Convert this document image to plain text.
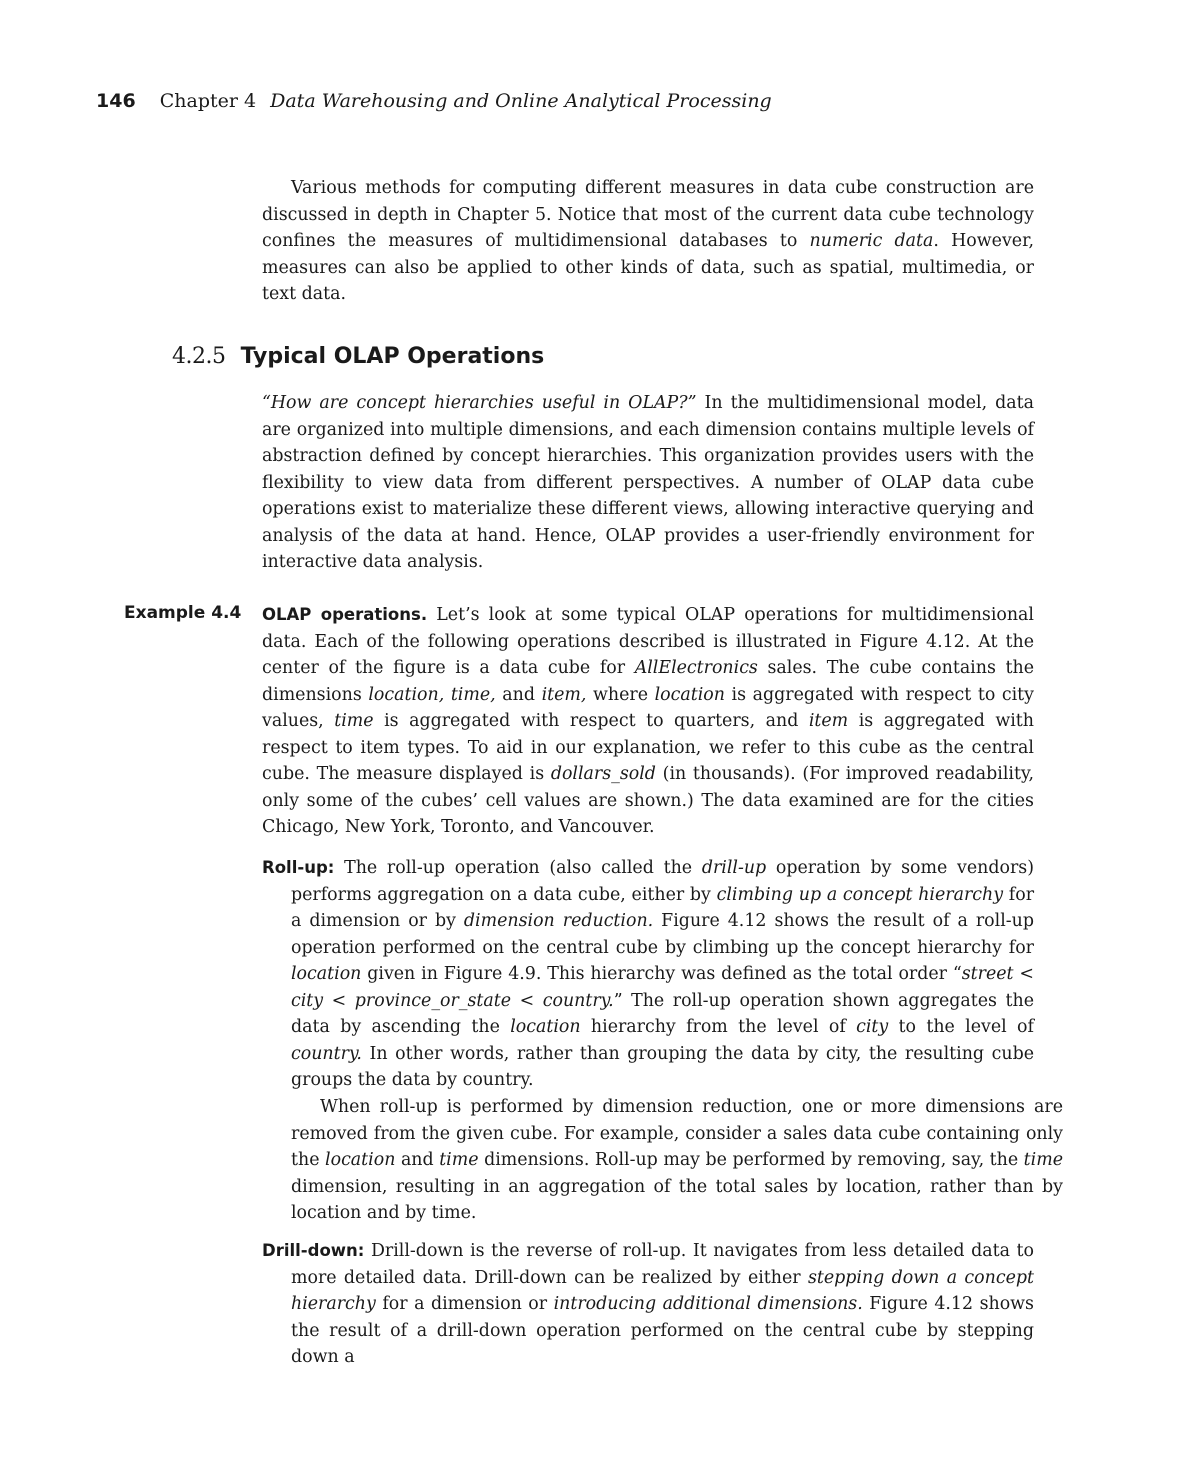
146 Chapter 4 Data Warehousing and Online Analytical Processing

Various methods for computing different measures in data cube construction are discussed in depth in Chapter 5. Notice that most of the current data cube technology confines the measures of multidimensional databases to numeric data. However, measures can also be applied to other kinds of data, such as spatial, multimedia, or text data.

4.2.5 Typical OLAP Operations

“How are concept hierarchies useful in OLAP?” In the multidimensional model, data are organized into multiple dimensions, and each dimension contains multiple levels of abstraction defined by concept hierarchies. This organization provides users with the flexibility to view data from different perspectives. A number of OLAP data cube operations exist to materialize these different views, allowing interactive querying and analysis of the data at hand. Hence, OLAP provides a user-friendly environment for interactive data analysis.

Example 4.4 OLAP operations. Let’s look at some typical OLAP operations for multidimensional data. Each of the following operations described is illustrated in Figure 4.12. At the center of the figure is a data cube for AllElectronics sales. The cube contains the dimensions location, time, and item, where location is aggregated with respect to city values, time is aggregated with respect to quarters, and item is aggregated with respect to item types. To aid in our explanation, we refer to this cube as the central cube. The measure displayed is dollars_sold (in thousands). (For improved readability, only some of the cubes’ cell values are shown.) The data examined are for the cities Chicago, New York, Toronto, and Vancouver.

Roll-up: The roll-up operation (also called the drill-up operation by some vendors) performs aggregation on a data cube, either by climbing up a concept hierarchy for a dimension or by dimension reduction. Figure 4.12 shows the result of a roll-up operation performed on the central cube by climbing up the concept hierarchy for location given in Figure 4.9. This hierarchy was defined as the total order “street < city < province_or_state < country.” The roll-up operation shown aggregates the data by ascending the location hierarchy from the level of city to the level of country. In other words, rather than grouping the data by city, the resulting cube groups the data by country.

When roll-up is performed by dimension reduction, one or more dimensions are removed from the given cube. For example, consider a sales data cube containing only the location and time dimensions. Roll-up may be performed by removing, say, the time dimension, resulting in an aggregation of the total sales by location, rather than by location and by time.

Drill-down: Drill-down is the reverse of roll-up. It navigates from less detailed data to more detailed data. Drill-down can be realized by either stepping down a concept hierarchy for a dimension or introducing additional dimensions. Figure 4.12 shows the result of a drill-down operation performed on the central cube by stepping down a
